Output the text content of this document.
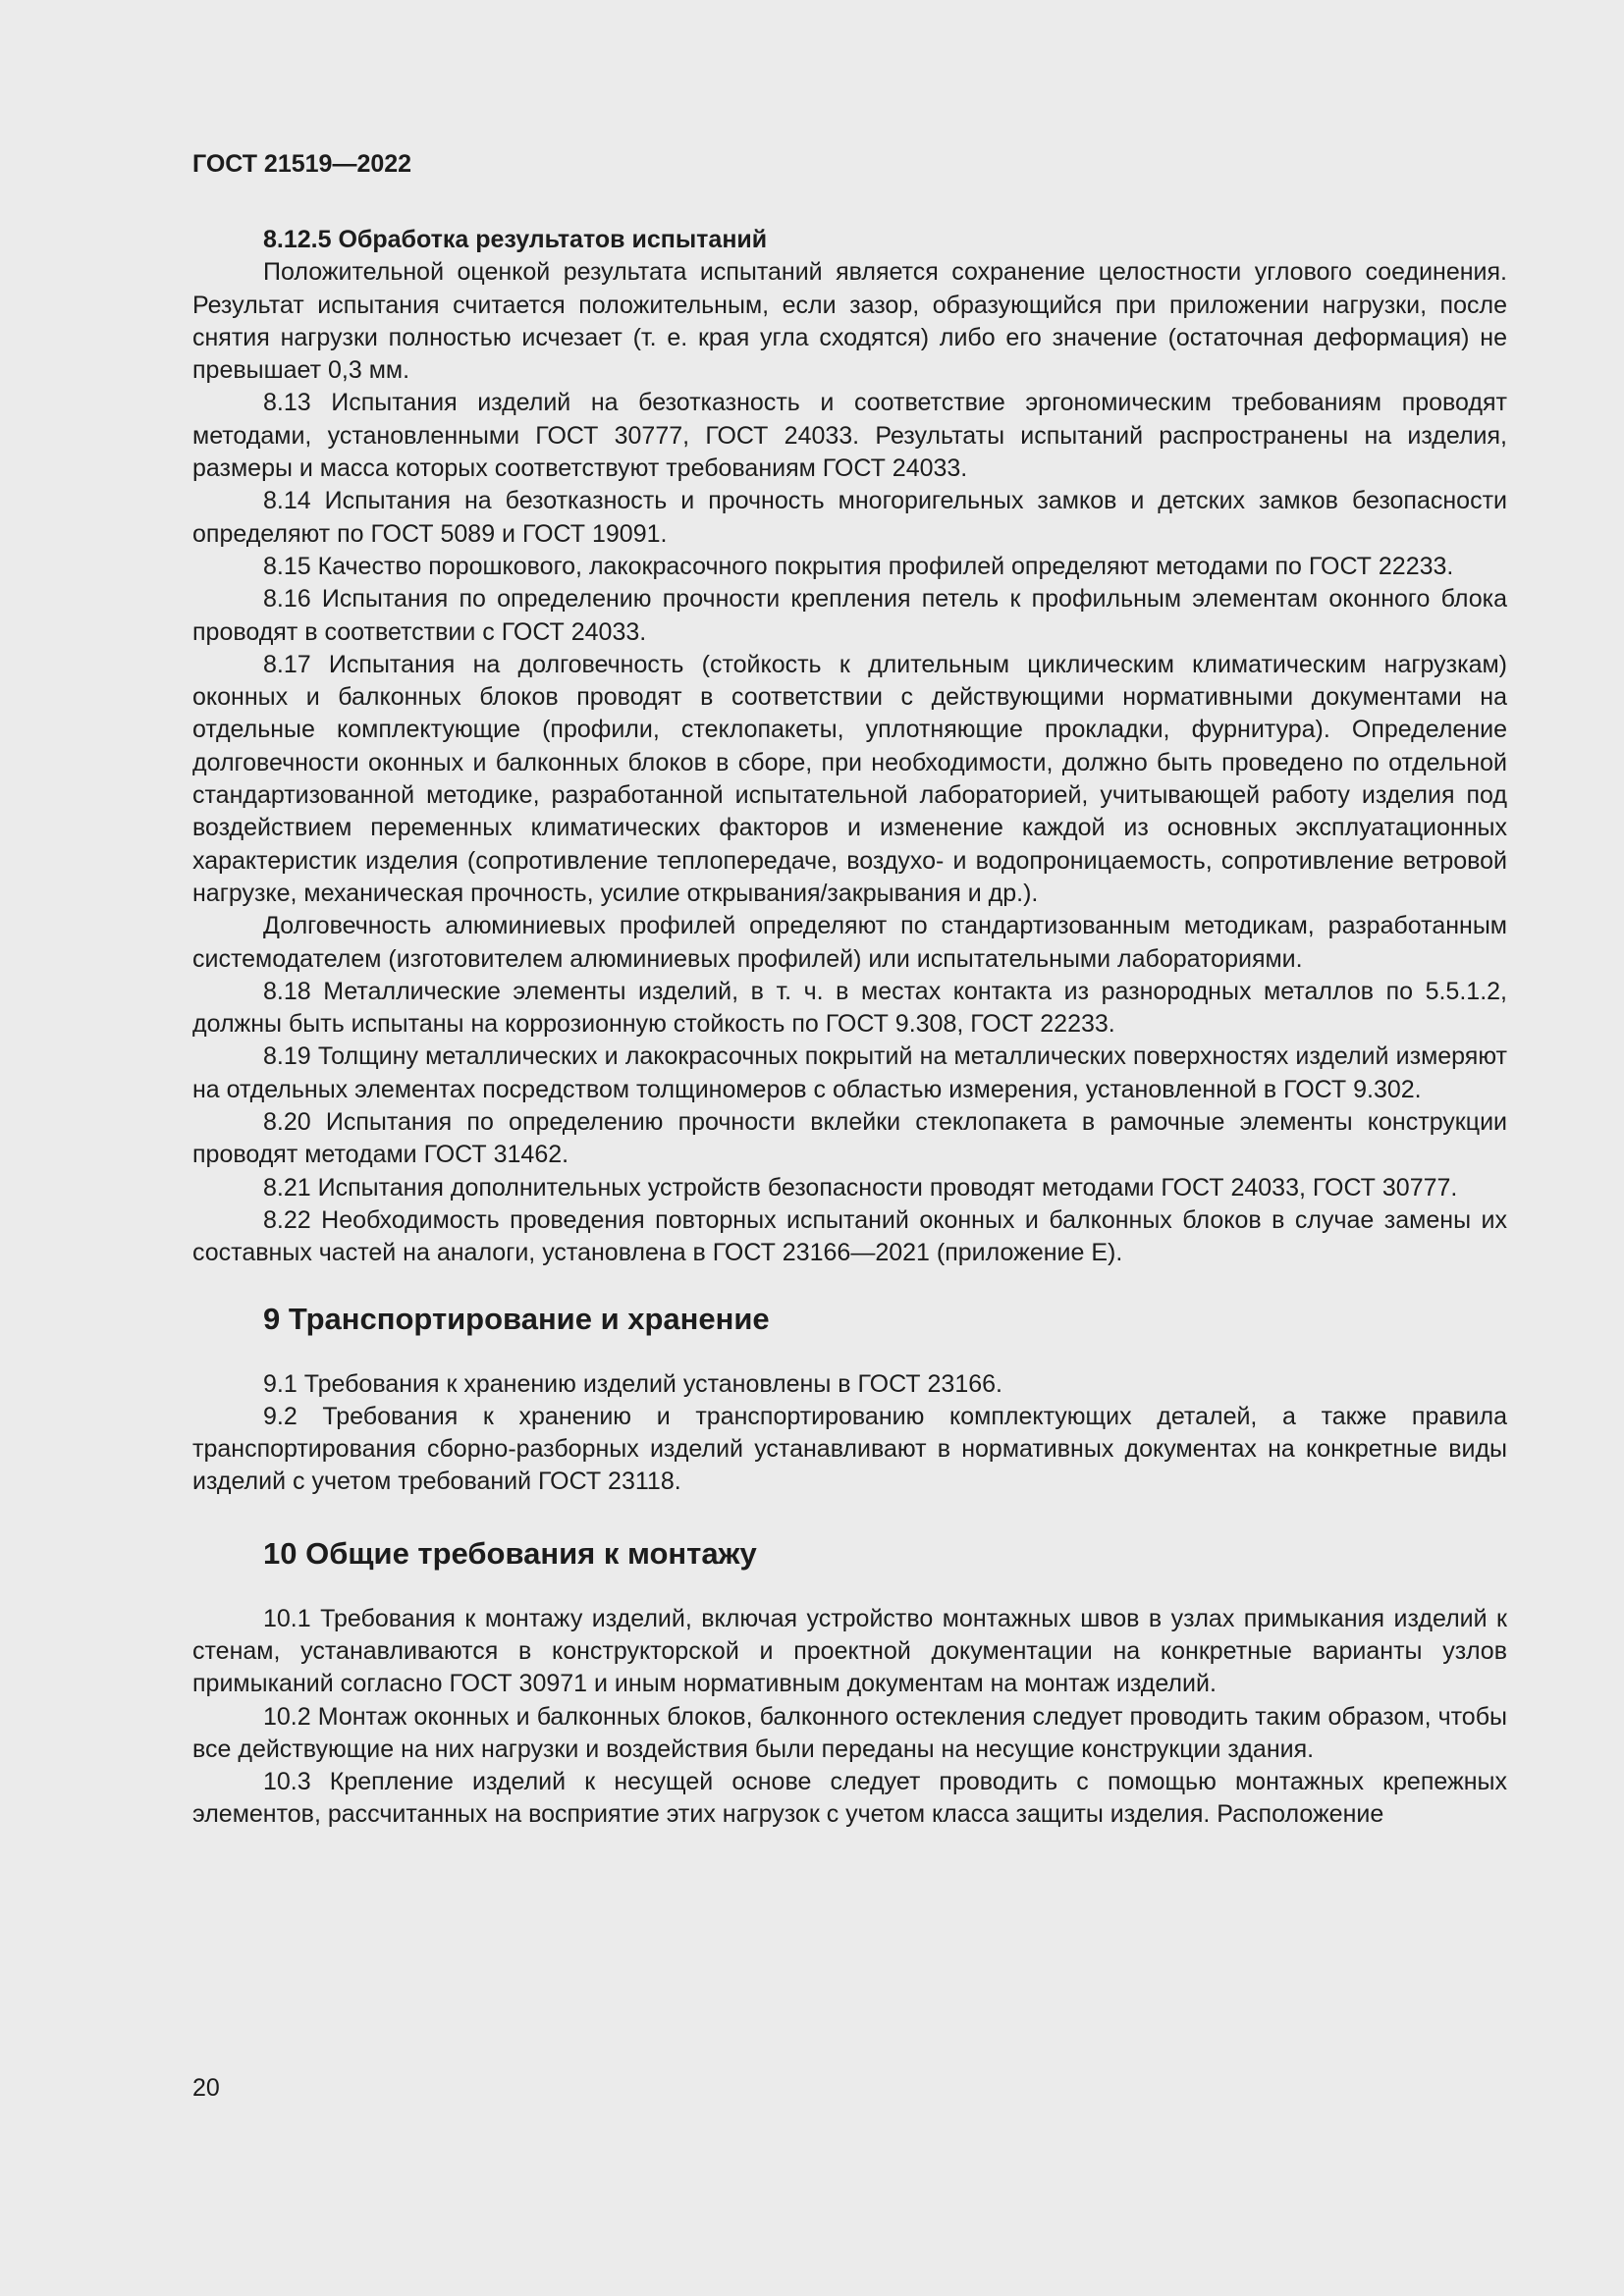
ГОСТ 21519—2022

8.12.5 Обработка результатов испытаний

Положительной оценкой результата испытаний является сохранение целостности углового соединения. Результат испытания считается положительным, если зазор, образующийся при приложении нагрузки, после снятия нагрузки полностью исчезает (т. е. края угла сходятся) либо его значение (остаточная деформация) не превышает 0,3 мм.

8.13 Испытания изделий на безотказность и соответствие эргономическим требованиям проводят методами, установленными ГОСТ 30777, ГОСТ 24033. Результаты испытаний распространены на изделия, размеры и масса которых соответствуют требованиям ГОСТ 24033.

8.14 Испытания на безотказность и прочность многоригельных замков и детских замков безопасности определяют по ГОСТ 5089 и ГОСТ 19091.

8.15 Качество порошкового, лакокрасочного покрытия профилей определяют методами по ГОСТ 22233.

8.16 Испытания по определению прочности крепления петель к профильным элементам оконного блока проводят в соответствии с ГОСТ 24033.

8.17 Испытания на долговечность (стойкость к длительным циклическим климатическим нагрузкам) оконных и балконных блоков проводят в соответствии с действующими нормативными документами на отдельные комплектующие (профили, стеклопакеты, уплотняющие прокладки, фурнитура). Определение долговечности оконных и балконных блоков в сборе, при необходимости, должно быть проведено по отдельной стандартизованной методике, разработанной испытательной лабораторией, учитывающей работу изделия под воздействием переменных климатических факторов и изменение каждой из основных эксплуатационных характеристик изделия (сопротивление теплопередаче, воздухо- и водопроницаемость, сопротивление ветровой нагрузке, механическая прочность, усилие открывания/закрывания и др.).

Долговечность алюминиевых профилей определяют по стандартизованным методикам, разработанным системодателем (изготовителем алюминиевых профилей) или испытательными лабораториями.

8.18 Металлические элементы изделий, в т. ч. в местах контакта из разнородных металлов по 5.5.1.2, должны быть испытаны на коррозионную стойкость по ГОСТ 9.308, ГОСТ 22233.

8.19 Толщину металлических и лакокрасочных покрытий на металлических поверхностях изделий измеряют на отдельных элементах посредством толщиномеров с областью измерения, установленной в ГОСТ 9.302.

8.20 Испытания по определению прочности вклейки стеклопакета в рамочные элементы конструкции проводят методами ГОСТ 31462.

8.21 Испытания дополнительных устройств безопасности проводят методами ГОСТ 24033, ГОСТ 30777.

8.22 Необходимость проведения повторных испытаний оконных и балконных блоков в случае замены их составных частей на аналоги, установлена в ГОСТ 23166—2021 (приложение Е).

9 Транспортирование и хранение

9.1 Требования к хранению изделий установлены в ГОСТ 23166.

9.2 Требования к хранению и транспортированию комплектующих деталей, а также правила транспортирования сборно-разборных изделий устанавливают в нормативных документах на конкретные виды изделий с учетом требований ГОСТ 23118.

10 Общие требования к монтажу

10.1 Требования к монтажу изделий, включая устройство монтажных швов в узлах примыкания изделий к стенам, устанавливаются в конструкторской и проектной документации на конкретные варианты узлов примыканий согласно ГОСТ 30971 и иным нормативным документам на монтаж изделий.

10.2 Монтаж оконных и балконных блоков, балконного остекления следует проводить таким образом, чтобы все действующие на них нагрузки и воздействия были переданы на несущие конструкции здания.

10.3 Крепление изделий к несущей основе следует проводить с помощью монтажных крепежных элементов, рассчитанных на восприятие этих нагрузок с учетом класса защиты изделия. Расположение

20
